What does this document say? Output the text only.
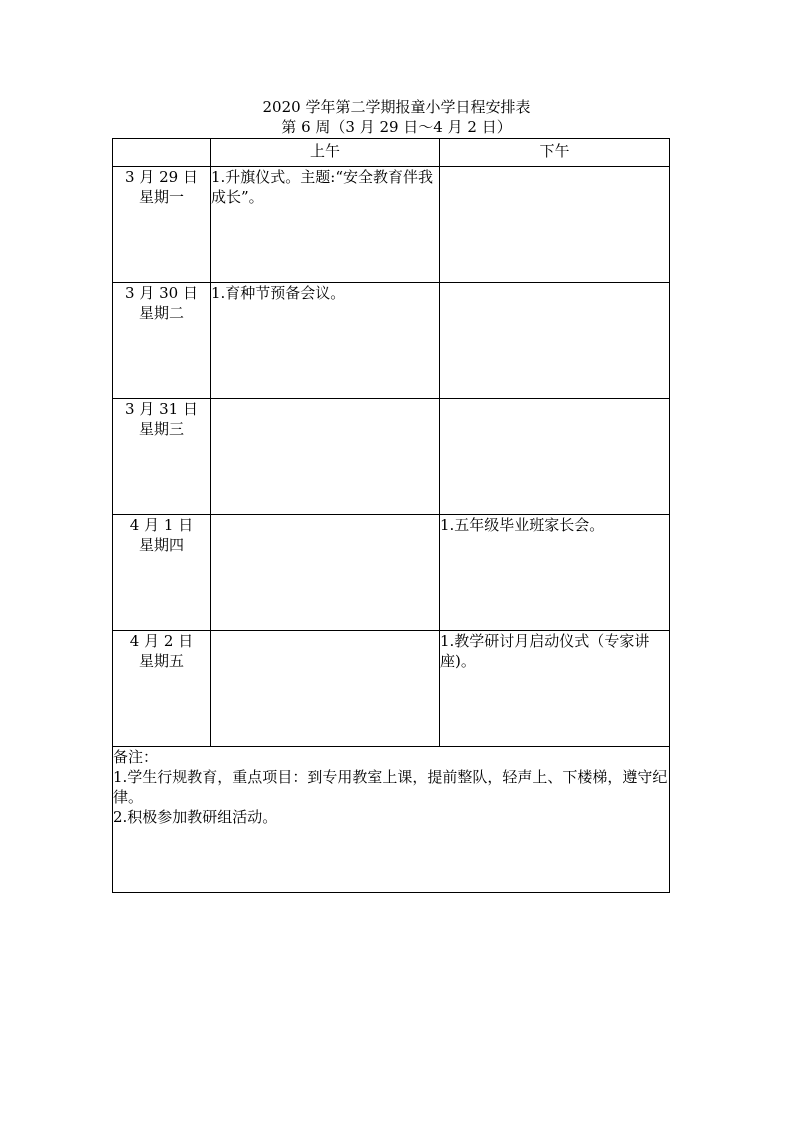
2020 学年第二学期报童小学日程安排表
第 6 周（3 月 29 日～4 月 2 日）
	上午	下午

3 月 29 日
星期一	1.升旗仪式。主题:“安全教育伴我成长”。	

3 月 30 日
星期二	1.育种节预备会议。	

3 月 31 日
星期三		

4 月 1 日
星期四		1.五年级毕业班家长会。

4 月 2 日
星期五		1.教学研讨月启动仪式（专家讲座)。

备注：
1.学生行规教育，重点项目：到专用教室上课，提前整队，轻声上、下楼梯，遵守纪律。
2.积极参加教研组活动。		
